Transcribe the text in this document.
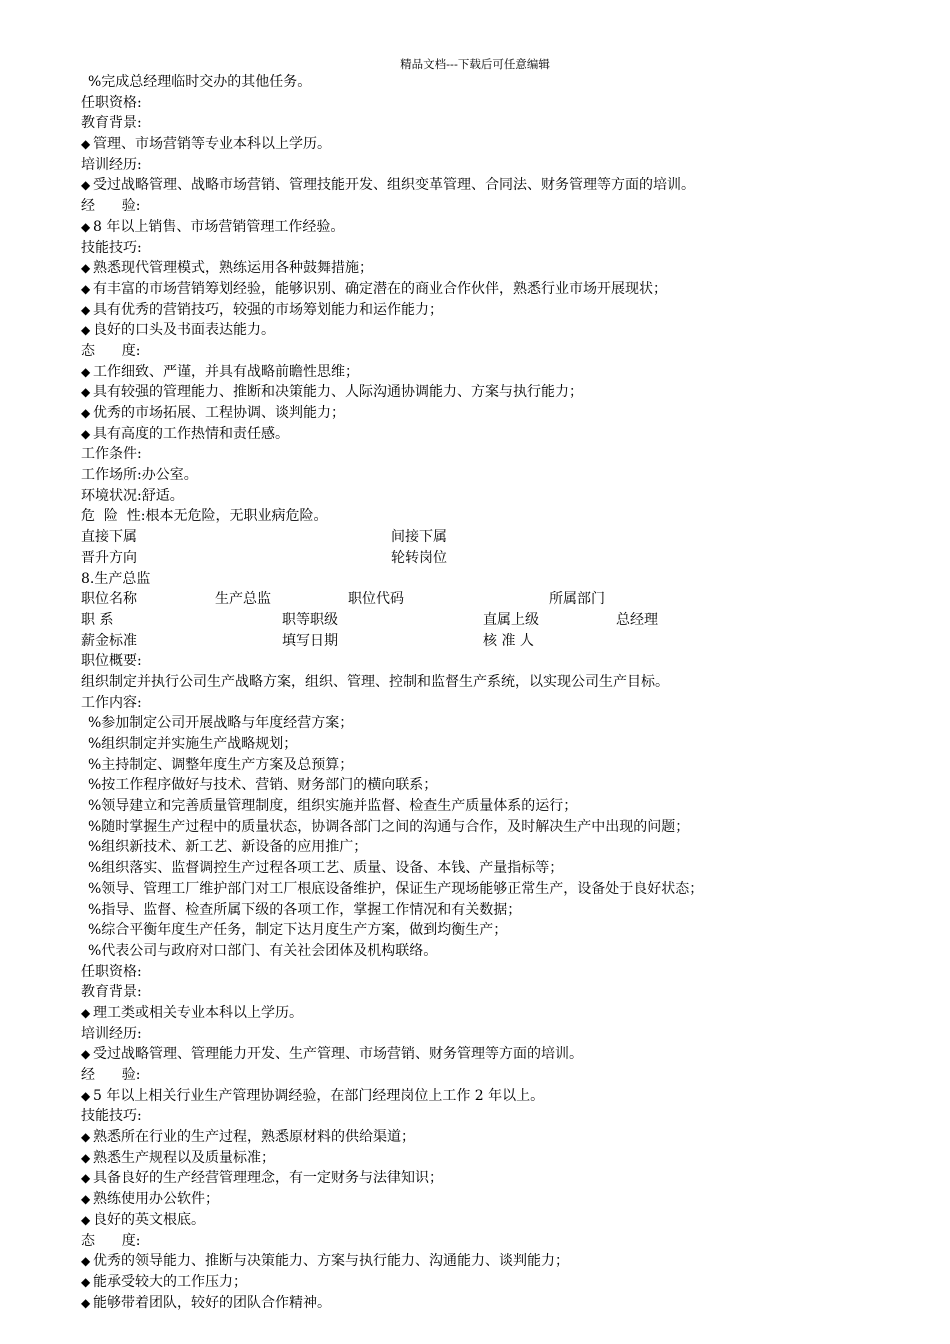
精品文档---下载后可任意编辑
%完成总经理临时交办的其他任务。
任职资格:
教育背景:
◆ 管理、市场营销等专业本科以上学历。
培训经历:
◆ 受过战略管理、战略市场营销、管理技能开发、组织变革管理、合同法、财务管理等方面的培训。
经      验:
◆ 8 年以上销售、市场营销管理工作经验。
技能技巧:
◆ 熟悉现代管理模式，熟练运用各种鼓舞措施；
◆ 有丰富的市场营销筹划经验，能够识别、确定潜在的商业合作伙伴，熟悉行业市场开展现状；
◆ 具有优秀的营销技巧，较强的市场筹划能力和运作能力；
◆ 良好的口头及书面表达能力。
态      度:
◆ 工作细致、严谨，并具有战略前瞻性思维；
◆ 具有较强的管理能力、推断和决策能力、人际沟通协调能力、方案与执行能力；
◆ 优秀的市场拓展、工程协调、谈判能力；
◆ 具有高度的工作热情和责任感。
工作条件:
工作场所:办公室。
环境状况:舒适。
危  险  性:根本无危险，无职业病危险。
直接下属	间接下属
晋升方向	轮转岗位
8.生产总监
职位名称	生产总监	职位代码	所属部门
职 系	职等职级	直属上级	总经理
薪金标准	填写日期	核 准 人
职位概要:
组织制定并执行公司生产战略方案，组织、管理、控制和监督生产系统，以实现公司生产目标。
工作内容:
%参加制定公司开展战略与年度经营方案；
%组织制定并实施生产战略规划；
%主持制定、调整年度生产方案及总预算；
%按工作程序做好与技术、营销、财务部门的横向联系；
%领导建立和完善质量管理制度，组织实施并监督、检查生产质量体系的运行；
%随时掌握生产过程中的质量状态，协调各部门之间的沟通与合作，及时解决生产中出现的问题；
%组织新技术、新工艺、新设备的应用推广；
%组织落实、监督调控生产过程各项工艺、质量、设备、本钱、产量指标等；
%领导、管理工厂维护部门对工厂根底设备维护，保证生产现场能够正常生产，设备处于良好状态；
%指导、监督、检查所属下级的各项工作，掌握工作情况和有关数据；
%综合平衡年度生产任务，制定下达月度生产方案，做到均衡生产；
%代表公司与政府对口部门、有关社会团体及机构联络。
任职资格:
教育背景:
◆ 理工类或相关专业本科以上学历。
培训经历:
◆ 受过战略管理、管理能力开发、生产管理、市场营销、财务管理等方面的培训。
经      验:
◆ 5 年以上相关行业生产管理协调经验，在部门经理岗位上工作 2 年以上。
技能技巧:
◆ 熟悉所在行业的生产过程，熟悉原材料的供给渠道；
◆ 熟悉生产规程以及质量标准；
◆ 具备良好的生产经营管理理念，有一定财务与法律知识；
◆ 熟练使用办公软件；
◆ 良好的英文根底。
态      度:
◆ 优秀的领导能力、推断与决策能力、方案与执行能力、沟通能力、谈判能力；
◆ 能承受较大的工作压力；
◆ 能够带着团队，较好的团队合作精神。
